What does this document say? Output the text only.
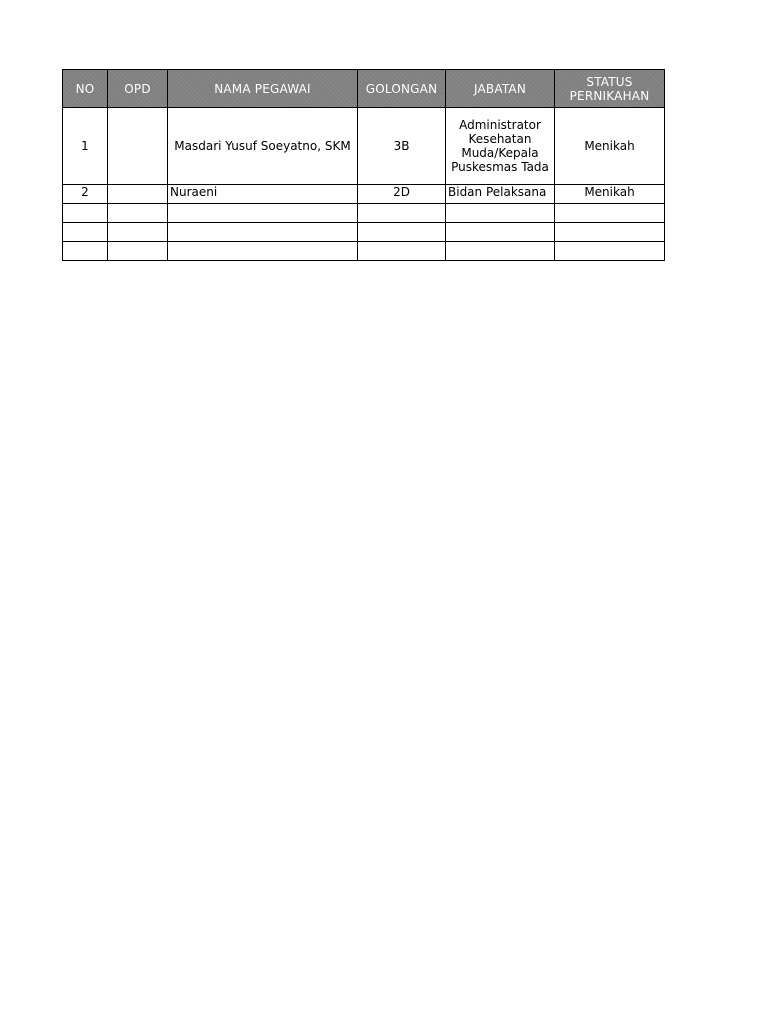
NO	OPD	NAMA PEGAWAI	GOLONGAN	JABATAN	STATUS PERNIKAHAN
1		Masdari Yusuf Soeyatno, SKM	3B	Administrator Kesehatan Muda/Kepala Puskesmas Tada	Menikah
2		Nuraeni	2D	Bidan Pelaksana	Menikah
